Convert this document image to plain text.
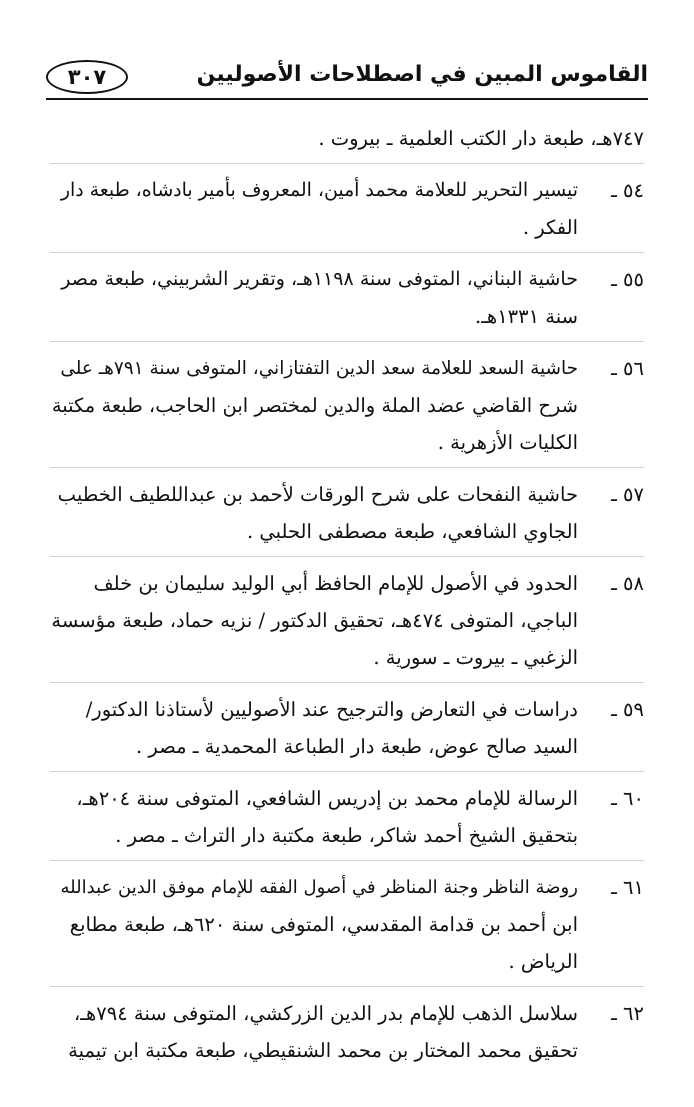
القاموس المبين في اصطلاحات الأصوليين
٣٠٧
٧٤٧هـ، طبعة دار الكتب العلمية ـ بيروت .
٥٤ ـ
تيسير التحرير للعلامة محمد أمين، المعروف بأمير بادشاه، طبعة دار
الفكر .
٥٥ ـ
حاشية البناني، المتوفى سنة ١١٩٨هـ، وتقرير الشربيني، طبعة مصر
سنة ١٣٣١هـ.
٥٦ ـ
حاشية السعد للعلامة سعد الدين التفتازاني، المتوفى سنة ٧٩١هـ على
شرح القاضي عضد الملة والدين لمختصر ابن الحاجب، طبعة مكتبة
الكليات الأزهرية .
٥٧ ـ
حاشية النفحات على شرح الورقات لأحمد بن عبداللطيف الخطيب
الجاوي الشافعي، طبعة مصطفى الحلبي .
٥٨ ـ
الحدود في الأصول للإمام الحافظ أبي الوليد سليمان بن خلف
الباجي، المتوفى ٤٧٤هـ، تحقيق الدكتور / نزيه حماد، طبعة مؤسسة
الزغبي ـ بيروت ـ سورية .
٥٩ ـ
دراسات في التعارض والترجيح عند الأصوليين لأستاذنا الدكتور/
السيد صالح عوض، طبعة دار الطباعة المحمدية ـ مصر .
٦٠ ـ
الرسالة للإمام محمد بن إدريس الشافعي، المتوفى سنة ٢٠٤هـ،
بتحقيق الشيخ أحمد شاكر، طبعة مكتبة دار التراث ـ مصر .
٦١ ـ
روضة الناظر وجنة المناظر في أصول الفقه للإمام موفق الدين عبدالله
ابن أحمد بن قدامة المقدسي، المتوفى سنة ٦٢٠هـ، طبعة مطابع
الرياض .
٦٢ ـ
سلاسل الذهب للإمام بدر الدين الزركشي، المتوفى سنة ٧٩٤هـ،
تحقيق محمد المختار بن محمد الشنقيطي، طبعة مكتبة ابن تيمية
